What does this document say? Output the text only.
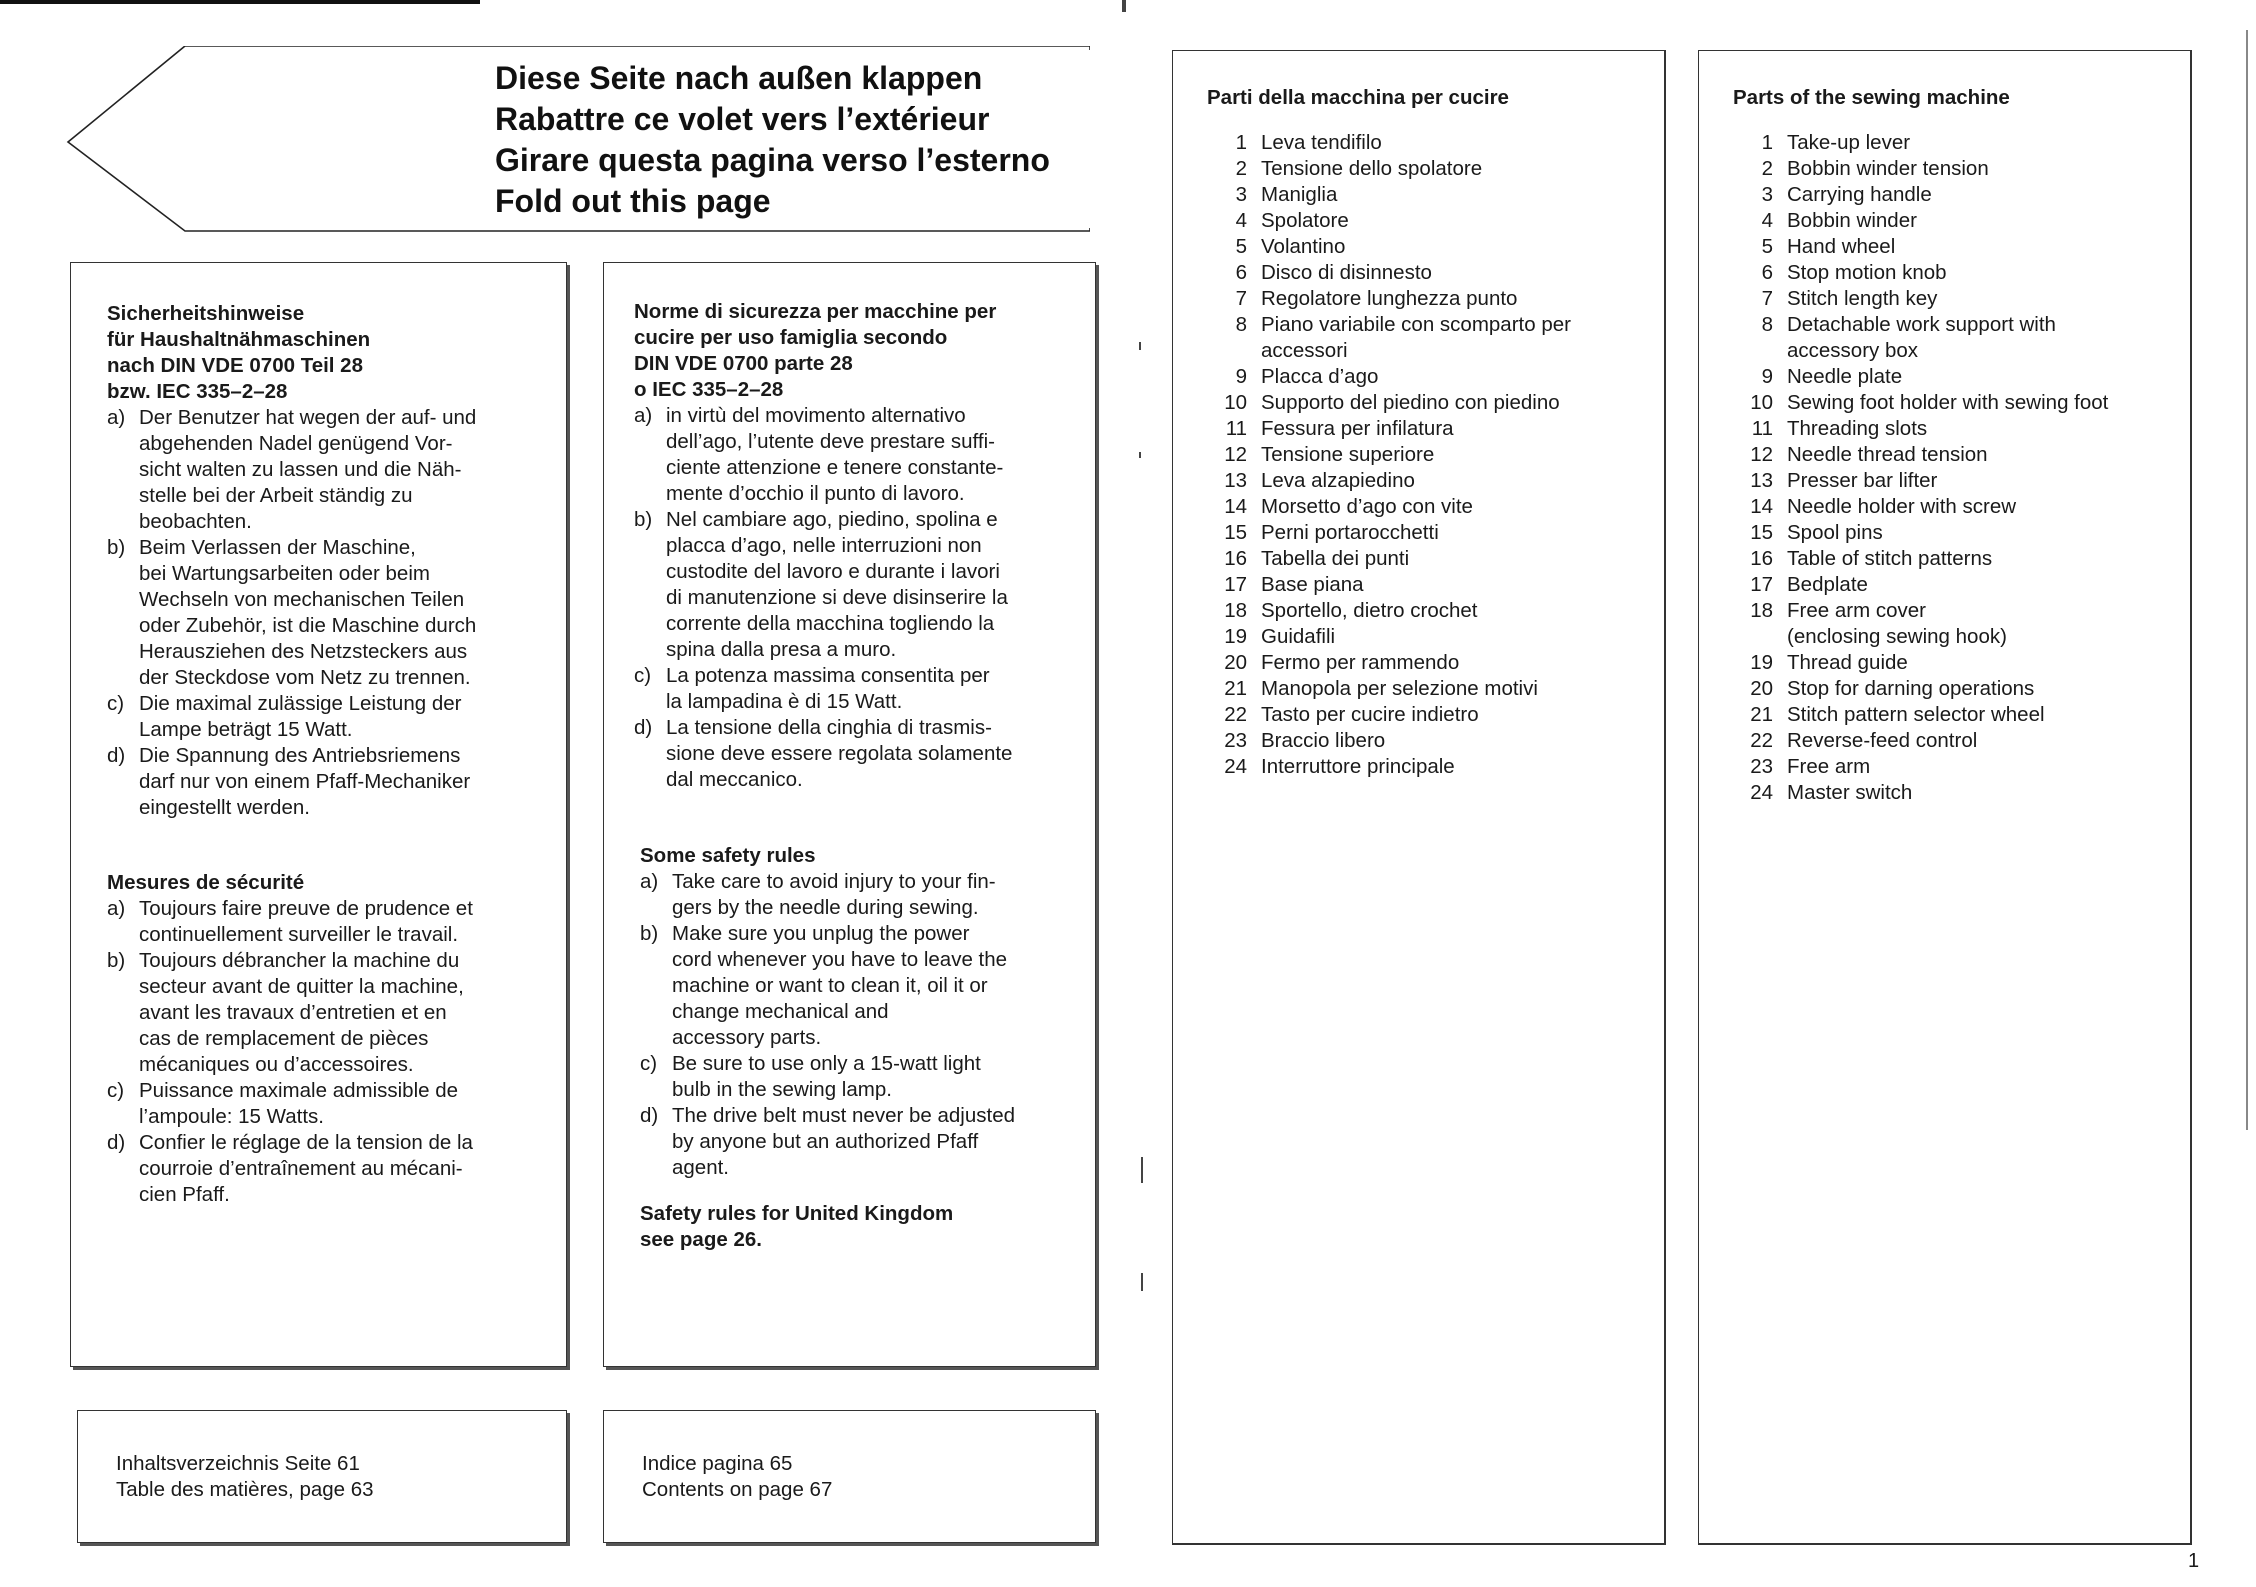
Diese Seite nach außen klappen
Rabattre ce volet vers l’extérieur
Girare questa pagina verso l’esterno
Fold out this page
Sicherheitshinweise
für Haushaltnähmaschinen
nach DIN VDE 0700 Teil 28
bzw. IEC 335–2–28
a) Der Benutzer hat wegen der auf- und
abgehenden Nadel genügend Vor-
sicht walten zu lassen und die Näh-
stelle bei der Arbeit ständig zu
beobachten.
b) Beim Verlassen der Maschine,
bei Wartungsarbeiten oder beim
Wechseln von mechanischen Teilen
oder Zubehör, ist die Maschine durch
Herausziehen des Netzsteckers aus
der Steckdose vom Netz zu trennen.
c) Die maximal zulässige Leistung der
Lampe beträgt 15 Watt.
d) Die Spannung des Antriebsriemens
darf nur von einem Pfaff-Mechaniker
eingestellt werden.
Mesures de sécurité
a) Toujours faire preuve de prudence et
continuellement surveiller le travail.
b) Toujours débrancher la machine du
secteur avant de quitter la machine,
avant les travaux d’entretien et en
cas de remplacement de pièces
mécaniques ou d’accessoires.
c) Puissance maximale admissible de
l’ampoule: 15 Watts.
d) Confier le réglage de la tension de la
courroie d’entraînement au mécani-
cien Pfaff.
Norme di sicurezza per macchine per
cucire per uso famiglia secondo
DIN VDE 0700 parte 28
o IEC 335–2–28
a) in virtù del movimento alternativo
dell’ago, l’utente deve prestare suffi-
ciente attenzione e tenere constante-
mente d’occhio il punto di lavoro.
b) Nel cambiare ago, piedino, spolina e
placca d’ago, nelle interruzioni non
custodite del lavoro e durante i lavori
di manutenzione si deve disinserire la
corrente della macchina togliendo la
spina dalla presa a muro.
c) La potenza massima consentita per
la lampadina è di 15 Watt.
d) La tensione della cinghia di trasmis-
sione deve essere regolata solamente
dal meccanico.
Some safety rules
a) Take care to avoid injury to your fin-
gers by the needle during sewing.
b) Make sure you unplug the power
cord whenever you have to leave the
machine or want to clean it, oil it or
change mechanical and
accessory parts.
c) Be sure to use only a 15-watt light
bulb in the sewing lamp.
d) The drive belt must never be adjusted
by anyone but an authorized Pfaff
agent.
Safety rules for United Kingdom
see page 26.
Inhaltsverzeichnis Seite 61
Table des matières, page 63
Indice pagina 65
Contents on page 67
Parti della macchina per cucire
1 Leva tendifilo
2 Tensione dello spolatore
3 Maniglia
4 Spolatore
5 Volantino
6 Disco di disinnesto
7 Regolatore lunghezza punto
8 Piano variabile con scomparto per
accessori
9 Placca d’ago
10 Supporto del piedino con piedino
11 Fessura per infilatura
12 Tensione superiore
13 Leva alzapiedino
14 Morsetto d’ago con vite
15 Perni portarocchetti
16 Tabella dei punti
17 Base piana
18 Sportello, dietro crochet
19 Guidafili
20 Fermo per rammendo
21 Manopola per selezione motivi
22 Tasto per cucire indietro
23 Braccio libero
24 Interruttore principale
Parts of the sewing machine
1 Take-up lever
2 Bobbin winder tension
3 Carrying handle
4 Bobbin winder
5 Hand wheel
6 Stop motion knob
7 Stitch length key
8 Detachable work support with
accessory box
9 Needle plate
10 Sewing foot holder with sewing foot
11 Threading slots
12 Needle thread tension
13 Presser bar lifter
14 Needle holder with screw
15 Spool pins
16 Table of stitch patterns
17 Bedplate
18 Free arm cover
(enclosing sewing hook)
19 Thread guide
20 Stop for darning operations
21 Stitch pattern selector wheel
22 Reverse-feed control
23 Free arm
24 Master switch
1
